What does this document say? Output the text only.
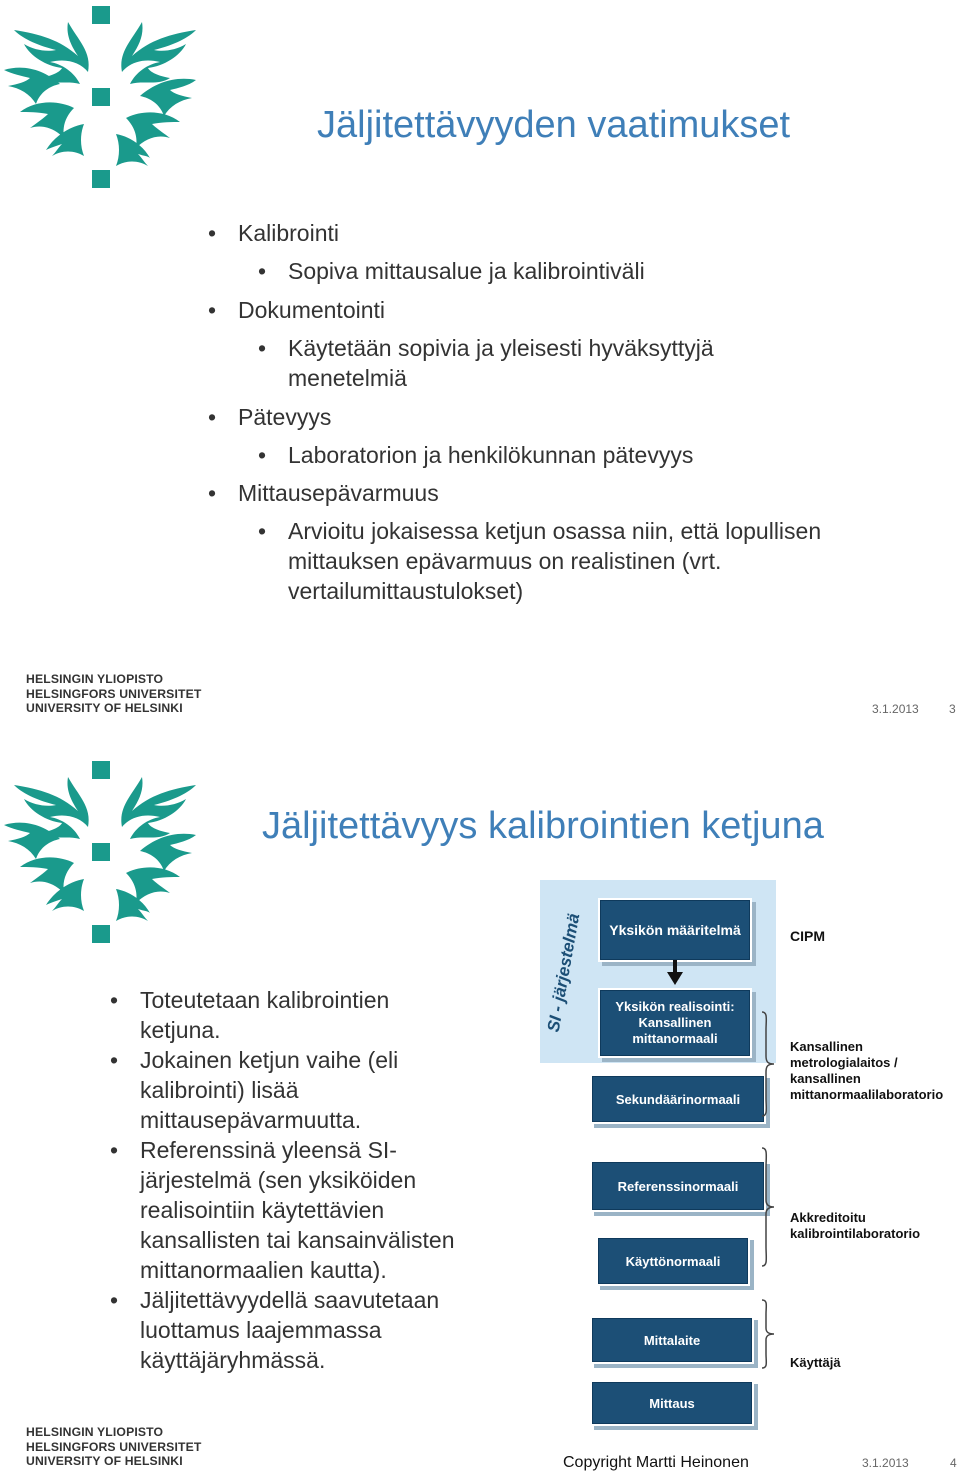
Jäljitettävyyden vaatimukset
• Kalibrointi
• Sopiva mittausalue ja kalibrointiväli
• Dokumentointi
• Käytetään sopivia ja yleisesti hyväksyttyjä menetelmiä
• Pätevyys
• Laboratorion ja henkilökunnan pätevyys
• Mittausepävarmuus
• Arvioitu jokaisessa ketjun osassa niin, että lopullisen mittauksen epävarmuus on realistinen (vrt. vertailumittaustulokset)
HELSINGIN YLIOPISTO
HELSINGFORS UNIVERSITET
UNIVERSITY OF HELSINKI	3.1.2013	3
Jäljitettävyys kalibrointien ketjuna
• Toteutetaan kalibrointien ketjuna.
• Jokainen ketjun vaihe (eli kalibrointi) lisää mittausepävarmuutta.
• Referenssinä yleensä SI-järjestelmä (sen yksiköiden realisointiin käytettävien kansallisten tai kansainvälisten mittanormaalien kautta).
• Jäljitettävyydellä saavutetaan luottamus laajemmassa käyttäjäryhmässä.
SI - järjestelmä	Yksikön määritelmä
Yksikön realisointi: Kansallinen mittanormaali
Sekundäärinormaali
Referenssinormaali
Käyttönormaali
Mittalaite
Mittaus
CIPM
Kansallinen metrologialaitos / kansallinen mittanormaalilaboratorio
Akkreditoitu kalibrointilaboratorio
Käyttäjä
HELSINGIN YLIOPISTO
HELSINGFORS UNIVERSITET
UNIVERSITY OF HELSINKI	Copyright Martti Heinonen	3.1.2013	4
